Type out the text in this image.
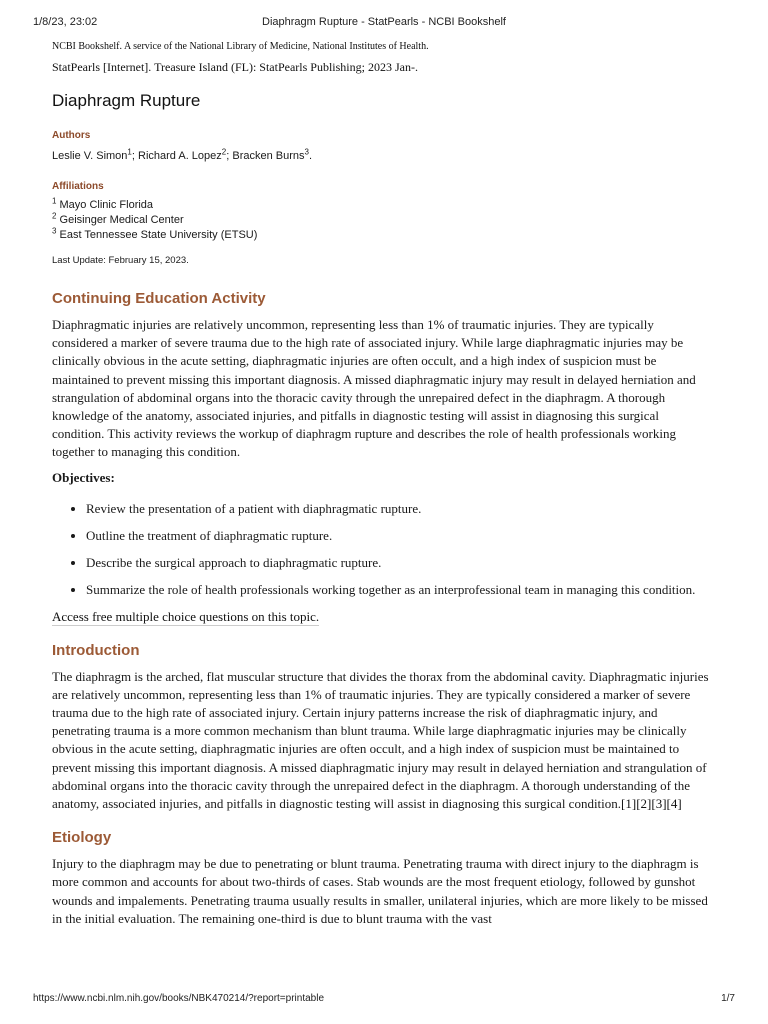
Diaphragm Rupture - StatPearls - NCBI Bookshelf
1/8/23, 23:02

NCBI Bookshelf. A service of the National Library of Medicine, National Institutes of Health.

StatPearls [Internet]. Treasure Island (FL): StatPearls Publishing; 2023 Jan-.

Diaphragm Rupture
Authors
Leslie V. Simon$^1$; Richard A. Lopez$^2$; Bracken Burns$^3$.
Affiliations
$^1$ Mayo Clinic Florida
$^2$ Geisinger Medical Center
$^3$ East Tennessee State University (ETSU)
Last Update: February 15, 2023.
Continuing Education Activity

Diaphragmatic injuries are relatively uncommon, representing less than 1% of traumatic injuries. They are typically considered a marker of severe trauma due to the high rate of associated injury. While large diaphragmatic injuries may be clinically obvious in the acute setting, diaphragmatic injuries are often occult, and a high index of suspicion must be maintained to prevent missing this important diagnosis. A missed diaphragmatic injury may result in delayed herniation and strangulation of abdominal organs into the thoracic cavity through the unrepaired defect in the diaphragm. A thorough knowledge of the anatomy, associated injuries, and pitfalls in diagnostic testing will assist in diagnosing this surgical condition. This activity reviews the workup of diaphragm rupture and describes the role of health professionals working together to managing this condition.

Objectives:
• Review the presentation of a patient with diaphragmatic rupture.
• Outline the treatment of diaphragmatic rupture.
• Describe the surgical approach to diaphragmatic rupture.
• Summarize the role of health professionals working together as an interprofessional team in managing this condition.
Access free multiple choice questions on this topic.
Introduction

The diaphragm is the arched, flat muscular structure that divides the thorax from the abdominal cavity. Diaphragmatic injuries are relatively uncommon, representing less than 1% of traumatic injuries. They are typically considered a marker of severe trauma due to the high rate of associated injury. Certain injury patterns increase the risk of diaphragmatic injury, and penetrating trauma is a more common mechanism than blunt trauma. While large diaphragmatic injuries may be clinically obvious in the acute setting, diaphragmatic injuries are often occult, and a high index of suspicion must be maintained to prevent missing this important diagnosis. A missed diaphragmatic injury may result in delayed herniation and strangulation of abdominal organs into the thoracic cavity through the unrepaired defect in the diaphragm. A thorough understanding of the anatomy, associated injuries, and pitfalls in diagnostic testing will assist in diagnosing this surgical condition.[1][2][3][4]

Etiology

Injury to the diaphragm may be due to penetrating or blunt trauma. Penetrating trauma with direct injury to the diaphragm is more common and accounts for about two-thirds of cases. Stab wounds are the most frequent etiology, followed by gunshot wounds and impalements. Penetrating trauma usually results in smaller, unilateral injuries, which are more likely to be missed in the initial evaluation. The remaining one-third is due to blunt trauma with the vast

https://www.ncbi.nlm.nih.gov/books/NBK470214/?report=printable	1/7
